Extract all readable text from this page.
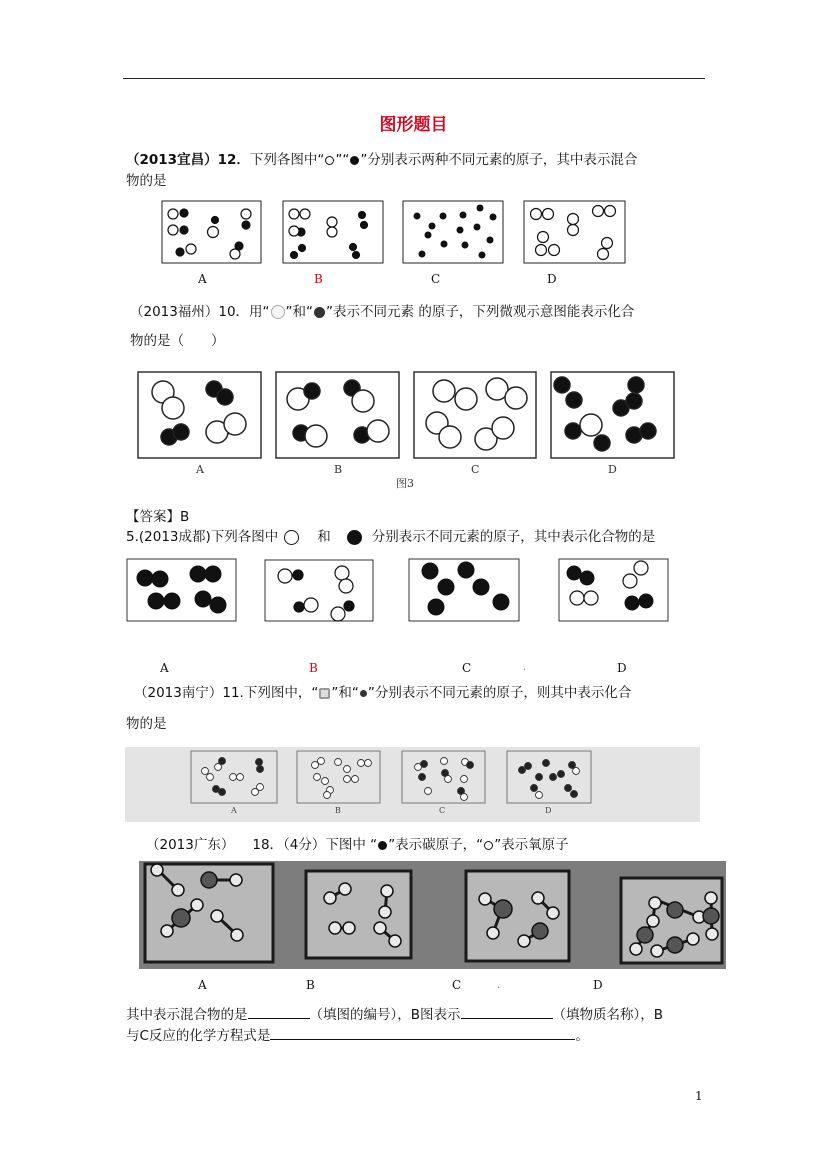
图形题目
（2013宜昌）12．下列各图中“ ”“ ”分别表示两种不同元素的原子，其中表示混合
物的是
A	B	C	D
（2013福州）10．用“ ”和“ ”表示不同元素 的原子，下列微观示意图能表示化合
物的是（　　）
A	B	C	D
图3
【答案】B
5.(2013成都)下列各图中	和	分别表示不同元素的原子，其中表示化合物的是
A	B	C	.	D
（2013南宁）11.下列图中，“ ”和“ ”分别表示不同元素的原子，则其中表示化合
物的是
A	B	C	D
（2013广东） 18．（4分）下图中 “ ”表示碳原子，“ ”表示氧原子
A	B	C	.	D
其中表示混合物的是	（填图的编号），B图表示	（填物质名称），B
与C反应的化学方程式是	。
1
